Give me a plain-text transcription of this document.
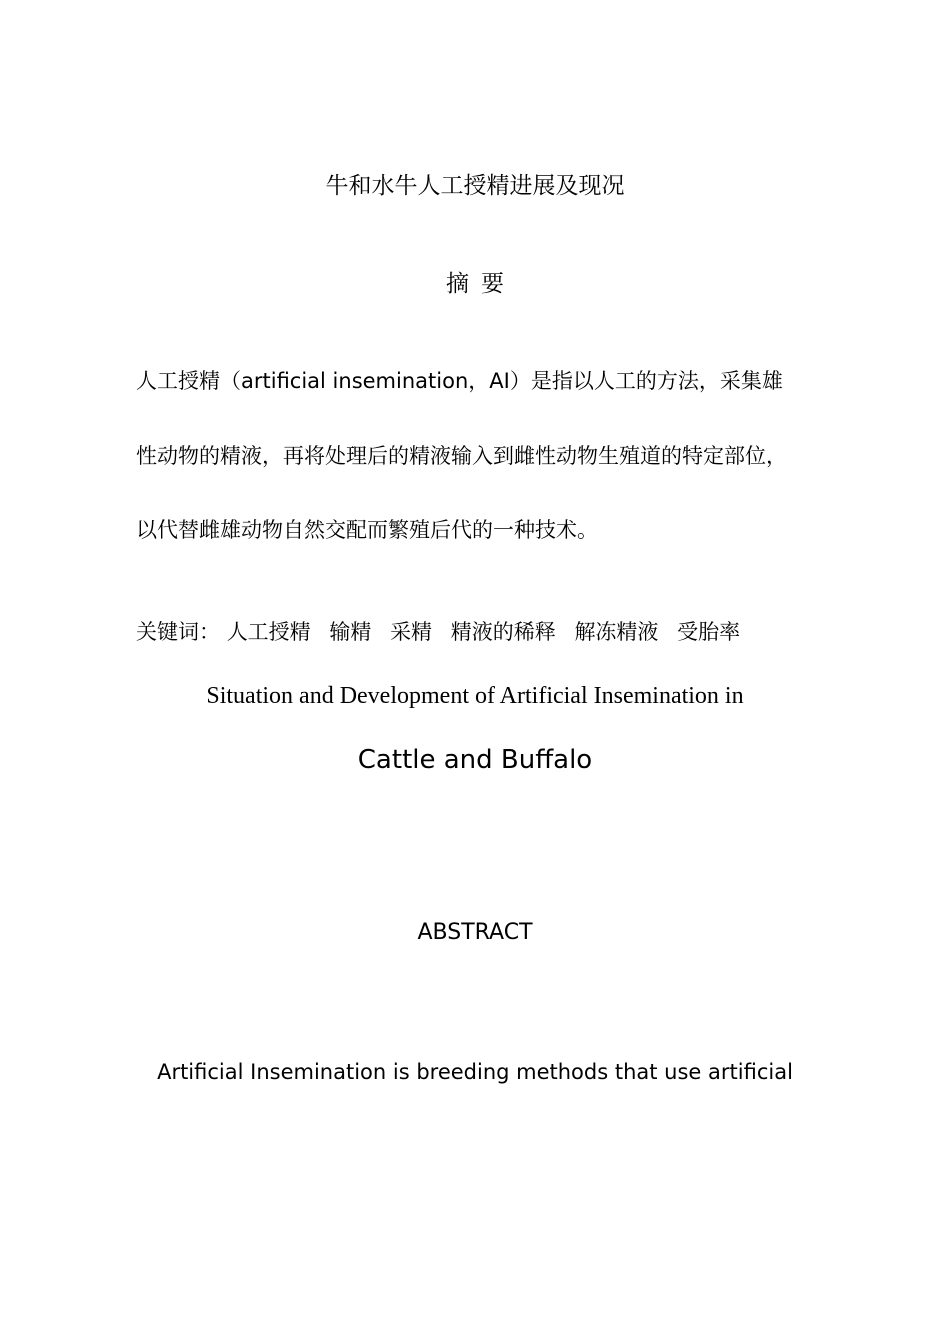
牛和水牛人工授精进展及现况
摘要
人工授精（artificial insemination，AI）是指以人工的方法，采集雄
性动物的精液，再将处理后的精液输入到雌性动物生殖道的特定部位，
以代替雌雄动物自然交配而繁殖后代的一种技术。
关键词： 人工授精 输精 采精 精液的稀释 解冻精液 受胎率
Situation and Development of Artificial Insemination in
Cattle and Buffalo
ABSTRACT
Artificial Insemination is breeding methods that use artificial
